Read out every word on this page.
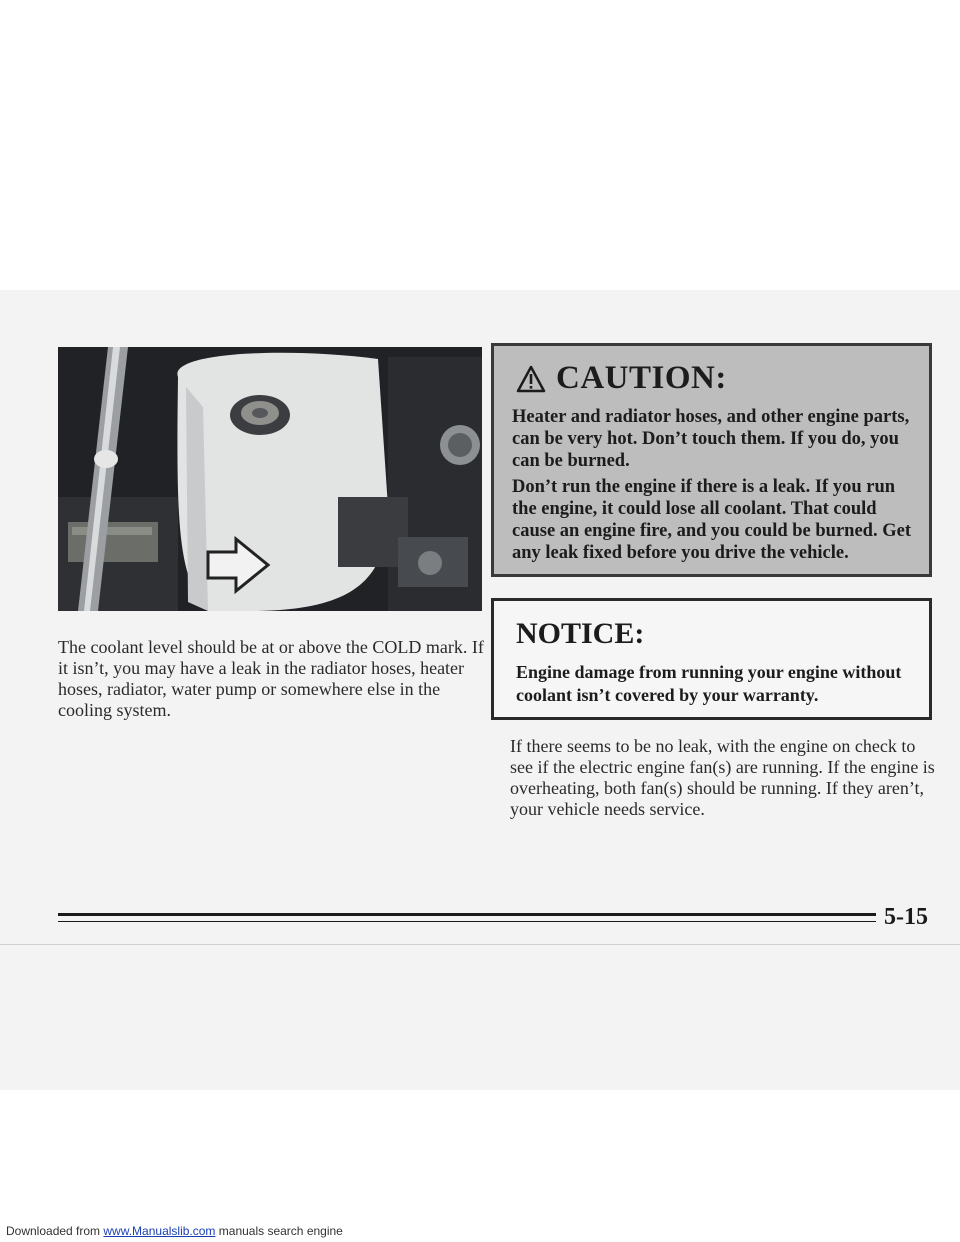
The coolant level should be at or above the COLD mark. If it isn’t, you may have a leak in the radiator hoses, heater hoses, radiator, water pump or somewhere else in the cooling system.

CAUTION:

Heater and radiator hoses, and other engine parts, can be very hot. Don’t touch them. If you do, you can be burned.

Don’t run the engine if there is a leak. If you run the engine, it could lose all coolant. That could cause an engine fire, and you could be burned. Get any leak fixed before you drive the vehicle.

NOTICE:

Engine damage from running your engine without coolant isn’t covered by your warranty.

If there seems to be no leak, with the engine on check to see if the electric engine fan(s) are running. If the engine is overheating, both fan(s) should be running. If they aren’t, your vehicle needs service.

5-15
Downloaded from www.Manualslib.com manuals search engine
